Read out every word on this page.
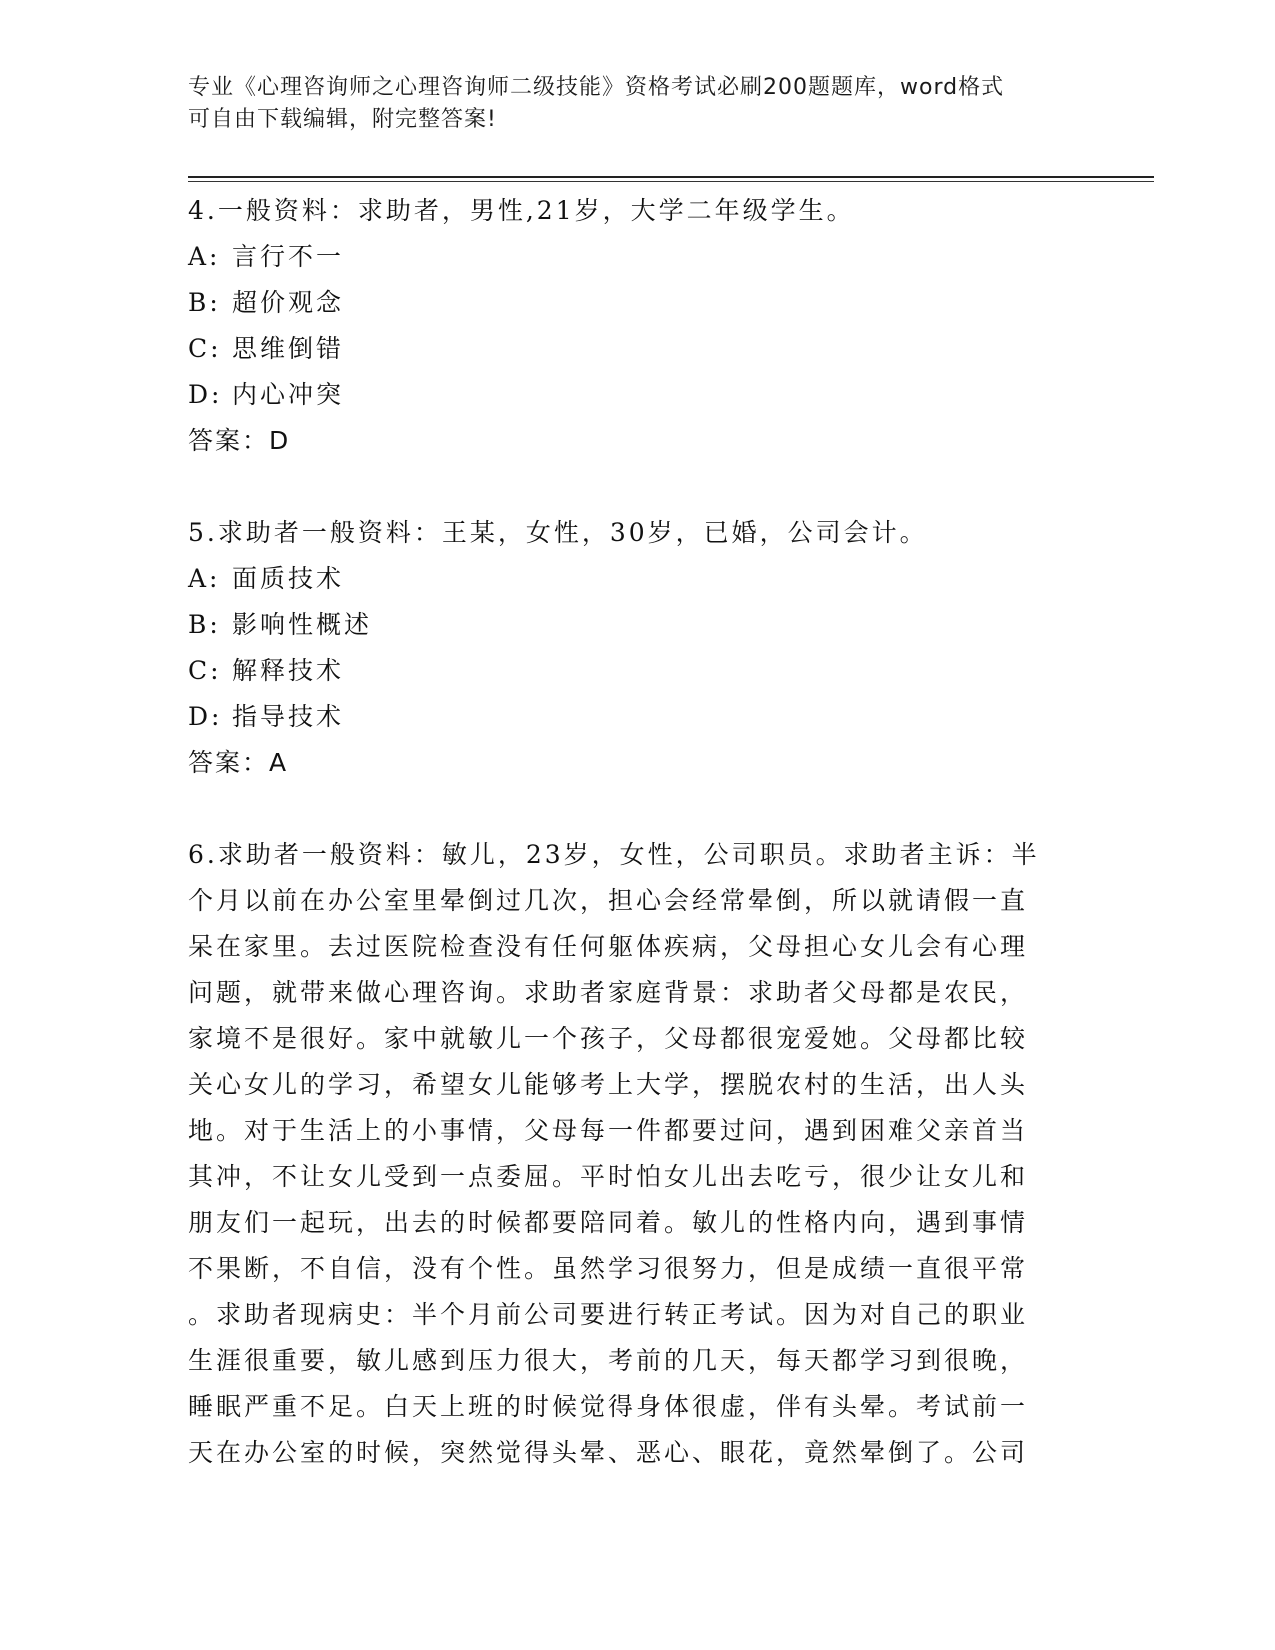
专业《心理咨询师之心理咨询师二级技能》资格考试必刷200题题库，word格式
可自由下载编辑，附完整答案!

4.一般资料：求助者，男性,21岁，大学二年级学生。

A: 言行不一

B: 超价观念

C: 思维倒错

D: 内心冲突

答案：D

5.求助者一般资料：王某，女性，30岁，已婚，公司会计。

A: 面质技术

B: 影响性概述

C: 解释技术

D: 指导技术

答案：A

6.求助者一般资料：敏儿，23岁，女性，公司职员。求助者主诉：半

个月以前在办公室里晕倒过几次，担心会经常晕倒，所以就请假一直

呆在家里。去过医院检查没有任何躯体疾病，父母担心女儿会有心理

问题，就带来做心理咨询。求助者家庭背景：求助者父母都是农民，

家境不是很好。家中就敏儿一个孩子，父母都很宠爱她。父母都比较

关心女儿的学习，希望女儿能够考上大学，摆脱农村的生活，出人头

地。对于生活上的小事情，父母每一件都要过问，遇到困难父亲首当

其冲，不让女儿受到一点委屈。平时怕女儿出去吃亏，很少让女儿和

朋友们一起玩，出去的时候都要陪同着。敏儿的性格内向，遇到事情

不果断，不自信，没有个性。虽然学习很努力，但是成绩一直很平常

。求助者现病史：半个月前公司要进行转正考试。因为对自己的职业

生涯很重要，敏儿感到压力很大，考前的几天，每天都学习到很晚，

睡眠严重不足。白天上班的时候觉得身体很虚，伴有头晕。考试前一

天在办公室的时候，突然觉得头晕、恶心、眼花，竟然晕倒了。公司
